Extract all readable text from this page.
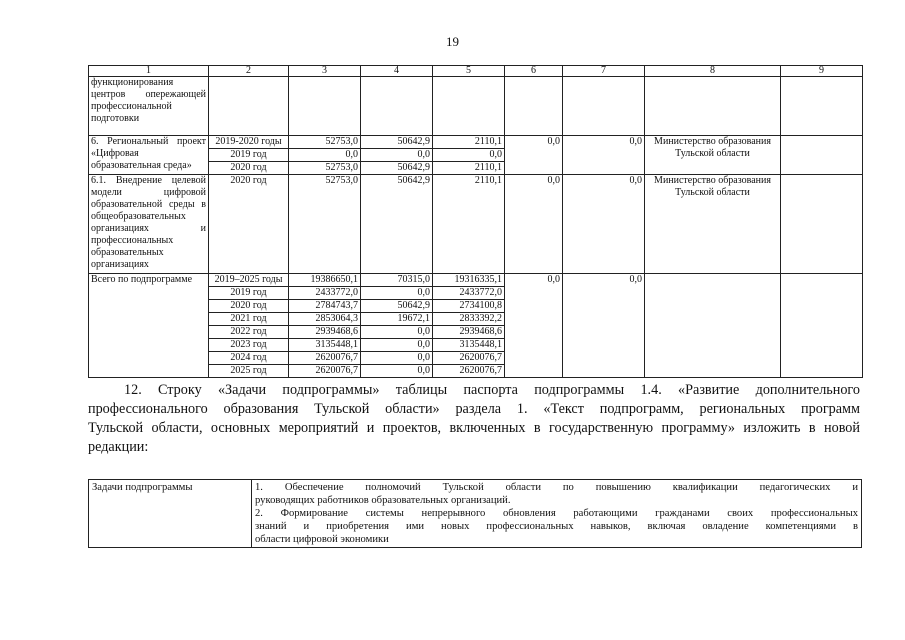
19
1	2	3	4	5	6	7	8	9
функционирования центров опережающей профессиональной подготовки								
6. Региональный проект «Цифровая образовательная среда»	2019-2020 годы	52753,0	50642,9	2110,1	0,0	0,0	Министерство образования Тульской области	
	2019 год	0,0	0,0	0,0				
	2020 год	52753,0	50642,9	2110,1				
6.1. Внедрение целевой модели цифровой образовательной среды в общеобразовательных организациях и профессиональных образовательных организациях	2020 год	52753,0	50642,9	2110,1	0,0	0,0	Министерство образования Тульской области	
Всего по подпрограмме	2019–2025 годы	19386650,1	70315,0	19316335,1	0,0	0,0		
	2019 год	2433772,0	0,0	2433772,0				
	2020 год	2784743,7	50642,9	2734100,8				
	2021 год	2853064,3	19672,1	2833392,2				
	2022 год	2939468,6	0,0	2939468,6				
	2023 год	3135448,1	0,0	3135448,1				
	2024 год	2620076,7	0,0	2620076,7				
	2025 год	2620076,7	0,0	2620076,7				
12. Строку «Задачи подпрограммы» таблицы паспорта подпрограммы 1.4. «Развитие дополнительного
профессионального образования Тульской области» раздела 1. «Текст подпрограмм, региональных программ
Тульской области, основных мероприятий и проектов, включенных в государственную программу» изложить в новой
редакции:
Задачи подпрограммы	1. Обеспечение полномочий Тульской области по повышению квалификации педагогических и
руководящих работников образовательных организаций.
2. Формирование системы непрерывного обновления работающими гражданами своих профессиональных
знаний и приобретения ими новых профессиональных навыков, включая овладение компетенциями в
области цифровой экономики
